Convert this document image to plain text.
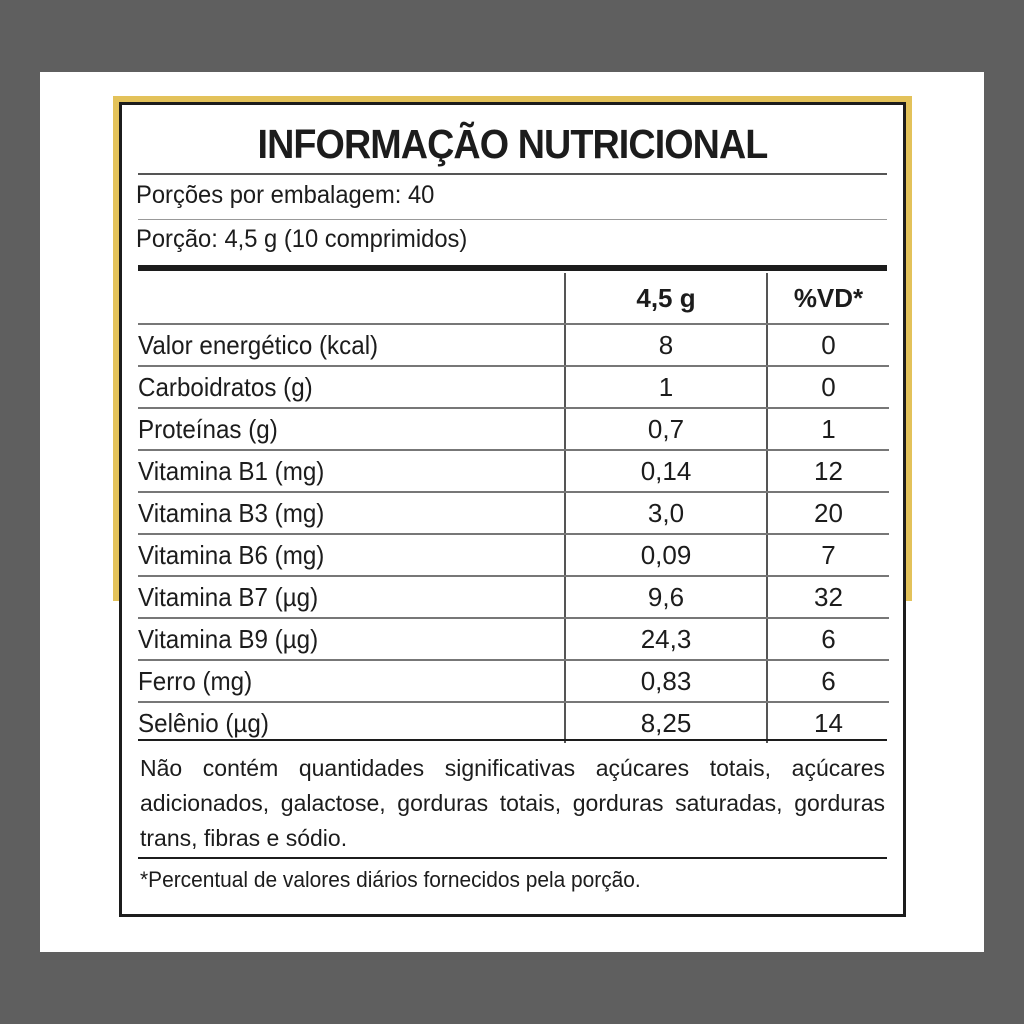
INFORMAÇÃO NUTRICIONAL
Porções por embalagem: 40
Porção: 4,5 g (10 comprimidos)
	4,5 g	%VD*
Valor energético (kcal)	8	0
Carboidratos (g)	1	0
Proteínas (g)	0,7	1
Vitamina B1 (mg)	0,14	12
Vitamina B3 (mg)	3,0	20
Vitamina B6 (mg)	0,09	7
Vitamina B7 (µg)	9,6	32
Vitamina B9 (µg)	24,3	6
Ferro (mg)	0,83	6
Selênio (µg)	8,25	14
Não contém quantidades significativas açúcares totais, açúcares adicionados, galactose, gorduras totais, gorduras saturadas, gorduras trans, fibras e sódio.
*Percentual de valores diários fornecidos pela porção.
